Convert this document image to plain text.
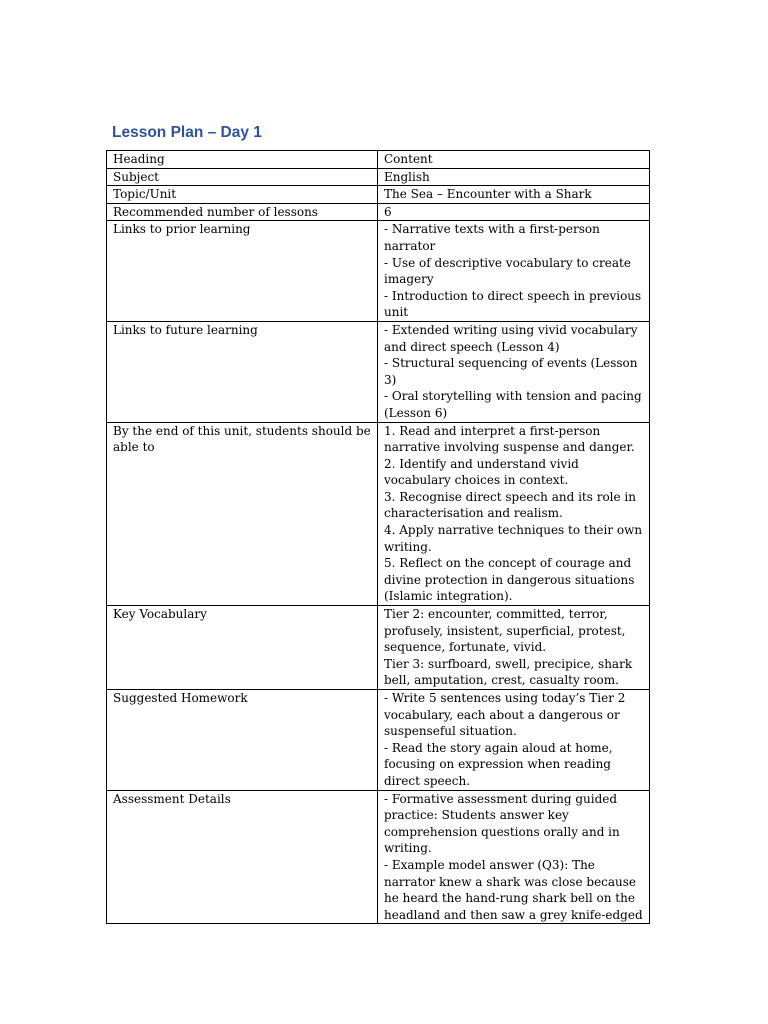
Lesson Plan – Day 1
Heading	Content
Subject	English
Topic/Unit	The Sea – Encounter with a Shark
Recommended number of lessons	6
Links to prior learning	- Narrative texts with a first-person narrator
- Use of descriptive vocabulary to create imagery
- Introduction to direct speech in previous unit

Links to future learning	- Extended writing using vivid vocabulary and direct speech (Lesson 4)
- Structural sequencing of events (Lesson 3)
- Oral storytelling with tension and pacing (Lesson 6)

By the end of this unit, students should be able to	1. Read and interpret a first-person narrative involving suspense and danger.
2. Identify and understand vivid vocabulary choices in context.
3. Recognise direct speech and its role in characterisation and realism.
4. Apply narrative techniques to their own writing.
5. Reflect on the concept of courage and divine protection in dangerous situations (Islamic integration).

Key Vocabulary	Tier 2: encounter, committed, terror, profusely, insistent, superficial, protest, sequence, fortunate, vivid.
Tier 3: surfboard, swell, precipice, shark bell, amputation, crest, casualty room.

Suggested Homework	- Write 5 sentences using today’s Tier 2 vocabulary, each about a dangerous or suspenseful situation.
- Read the story again aloud at home, focusing on expression when reading direct speech.

Assessment Details	- Formative assessment during guided practice: Students answer key comprehension questions orally and in writing.
- Example model answer (Q3): The narrator knew a shark was close because he heard the hand-rung shark bell on the headland and then saw a grey knife-edged
